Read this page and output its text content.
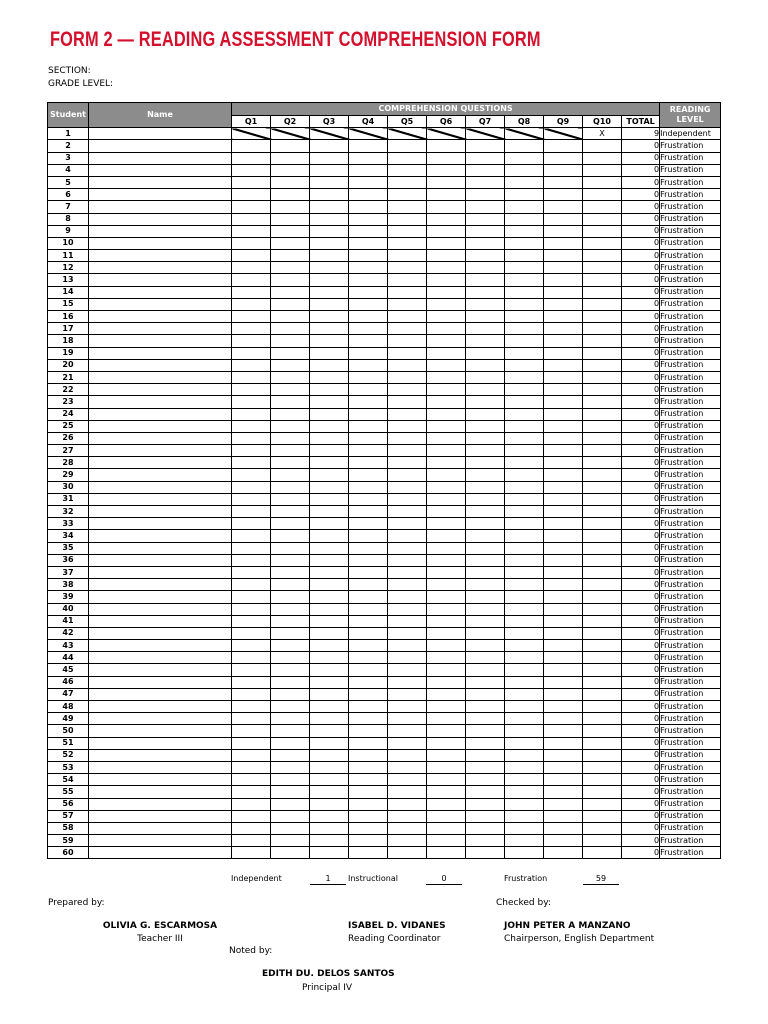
FORM 2 — READING ASSESSMENT COMPREHENSION FORM
SECTION:
GRADE LEVEL:
Student	Name	COMPREHENSION QUESTIONS											READING
LEVEL
		Q1	Q2	Q3	Q4	Q5	Q6	Q7	Q8	Q9	Q10	TOTAL	
1											X	9	Independent
2												0	Frustration
3												0	Frustration
4												0	Frustration
5												0	Frustration
6												0	Frustration
7												0	Frustration
8												0	Frustration
9												0	Frustration
10												0	Frustration
11												0	Frustration
12												0	Frustration
13												0	Frustration
14												0	Frustration
15												0	Frustration
16												0	Frustration
17												0	Frustration
18												0	Frustration
19												0	Frustration
20												0	Frustration
21												0	Frustration
22												0	Frustration
23												0	Frustration
24												0	Frustration
25												0	Frustration
26												0	Frustration
27												0	Frustration
28												0	Frustration
29												0	Frustration
30												0	Frustration
31												0	Frustration
32												0	Frustration
33												0	Frustration
34												0	Frustration
35												0	Frustration
36												0	Frustration
37												0	Frustration
38												0	Frustration
39												0	Frustration
40												0	Frustration
41												0	Frustration
42												0	Frustration
43												0	Frustration
44												0	Frustration
45												0	Frustration
46												0	Frustration
47												0	Frustration
48												0	Frustration
49												0	Frustration
50												0	Frustration
51												0	Frustration
52												0	Frustration
53												0	Frustration
54												0	Frustration
55												0	Frustration
56												0	Frustration
57												0	Frustration
58												0	Frustration
59												0	Frustration
60												0	Frustration
Independent	1	Instructional	0	Frustration	59
Prepared by:	Checked by:
OLIVIA G. ESCARMOSA
Teacher III
ISABEL D. VIDANES
Reading Coordinator
JOHN PETER A MANZANO
Chairperson, English Department
Noted by:
EDITH DU. DELOS SANTOS
Principal IV
